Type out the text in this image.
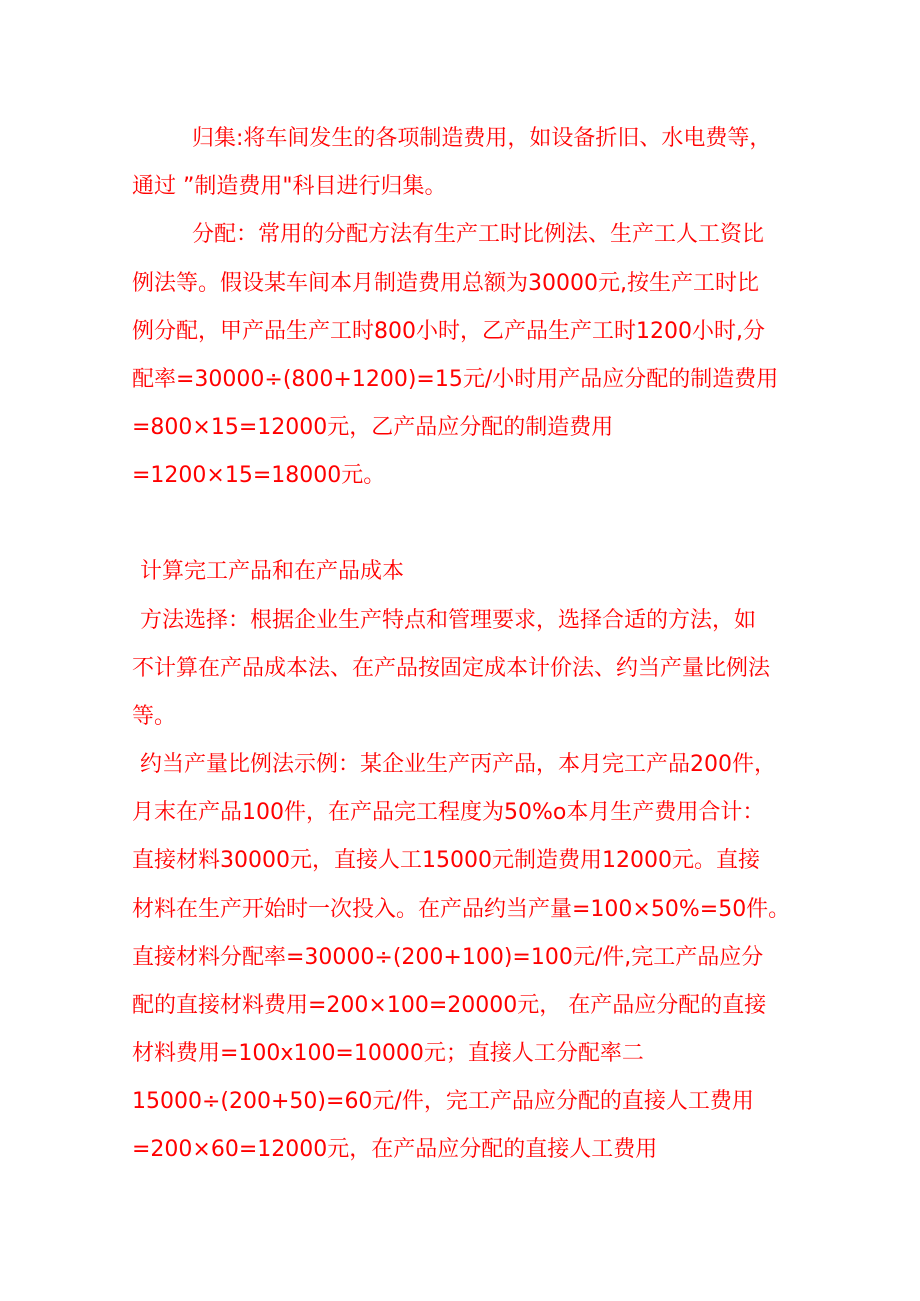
归集:将车间发生的各项制造费用，如设备折旧、水电费等，

通过 ”制造费用"科目进行归集。

分配：常用的分配方法有生产工时比例法、生产工人工资比

例法等。假设某车间本月制造费用总额为30000元,按生产工时比

例分配，甲产品生产工时800小时，乙产品生产工时1200小时,分

配率=30000÷(800+1200)=15元/小时用产品应分配的制造费用

=800×15=12000元，乙产品应分配的制造费用

=1200×15=18000元。

计算完工产品和在产品成本

方法选择：根据企业生产特点和管理要求，选择合适的方法，如

不计算在产品成本法、在产品按固定成本计价法、约当产量比例法

等。

约当产量比例法示例：某企业生产丙产品，本月完工产品200件，

月末在产品100件，在产品完工程度为50%o本月生产费用合计：

直接材料30000元，直接人工15000元制造费用12000元。直接

材料在生产开始时一次投入。在产品约当产量=100×50%=50件。

直接材料分配率=30000÷(200+100)=100元/件,完工产品应分

配的直接材料费用=200×100=20000元， 在产品应分配的直接

材料费用=100x100=10000元；直接人工分配率二

15000÷(200+50)=60元/件，完工产品应分配的直接人工费用

=200×60=12000元，在产品应分配的直接人工费用
